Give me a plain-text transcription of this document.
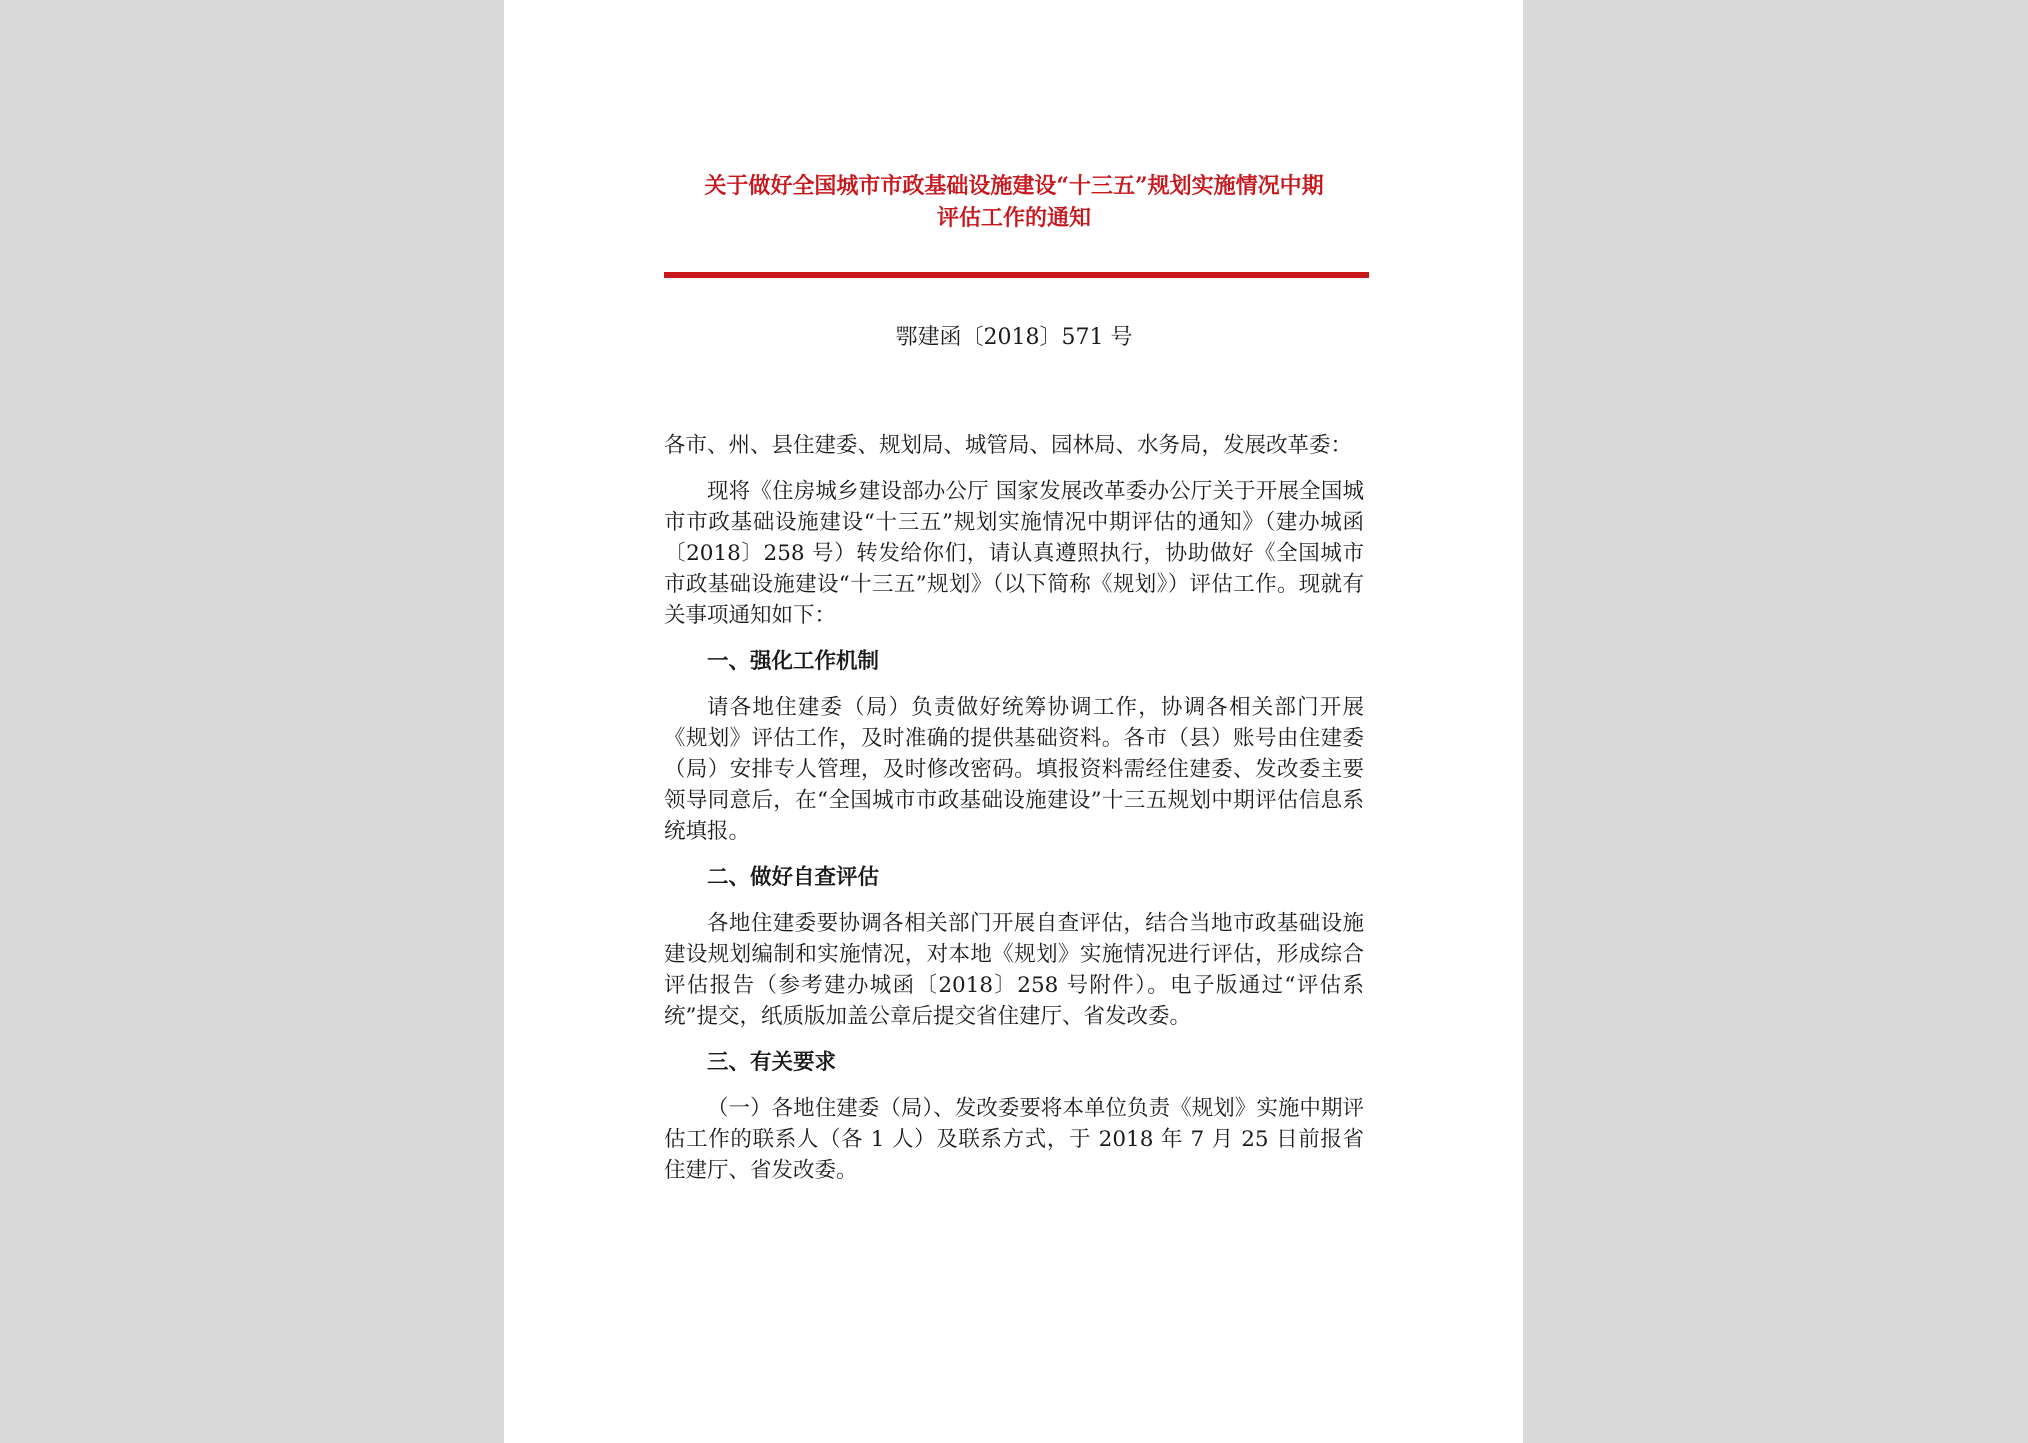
关于做好全国城市市政基础设施建设“十三五”规划实施情况中期
评估工作的通知
鄂建函〔2018〕571 号

各市、州、县住建委、规划局、城管局、园林局、水务局，发展改革委：

现将《住房城乡建设部办公厅 国家发展改革委办公厅关于开展全国城市市政基础设施建设“十三五”规划实施情况中期评估的通知》（建办城函〔2018〕258 号）转发给你们，请认真遵照执行，协助做好《全国城市市政基础设施建设“十三五”规划》（以下简称《规划》）评估工作。现就有关事项通知如下：

一、强化工作机制

请各地住建委（局）负责做好统筹协调工作，协调各相关部门开展《规划》评估工作，及时准确的提供基础资料。各市（县）账号由住建委（局）安排专人管理，及时修改密码。填报资料需经住建委、发改委主要领导同意后，在“全国城市市政基础设施建设”十三五规划中期评估信息系统填报。

二、做好自查评估

各地住建委要协调各相关部门开展自查评估，结合当地市政基础设施建设规划编制和实施情况，对本地《规划》实施情况进行评估，形成综合评估报告（参考建办城函〔2018〕258 号附件）。电子版通过“评估系统”提交，纸质版加盖公章后提交省住建厅、省发改委。

三、有关要求

（一）各地住建委（局）、发改委要将本单位负责《规划》实施中期评估工作的联系人（各 1 人）及联系方式，于 2018 年 7 月 25 日前报省住建厅、省发改委。
